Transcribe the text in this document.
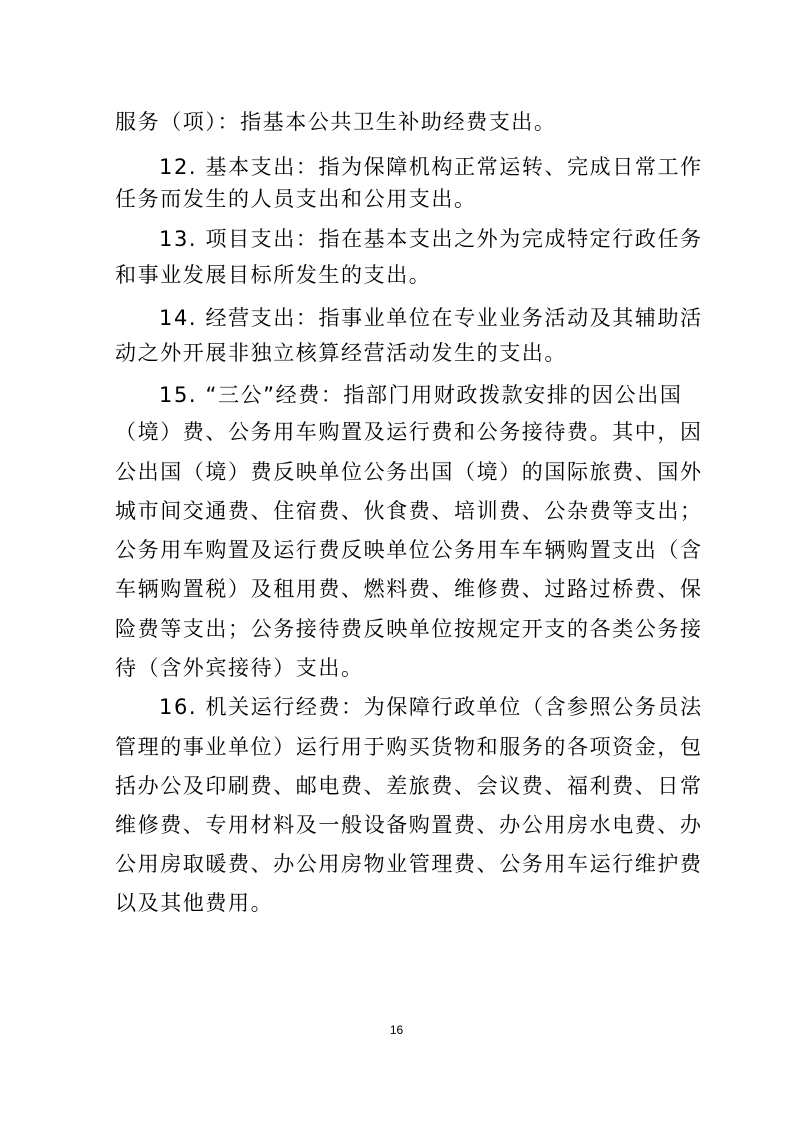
服务（项）：指基本公共卫生补助经费支出。
12. 基本支出：指为保障机构正常运转、完成日常工作
任务而发生的人员支出和公用支出。
13. 项目支出：指在基本支出之外为完成特定行政任务
和事业发展目标所发生的支出。
14. 经营支出：指事业单位在专业业务活动及其辅助活
动之外开展非独立核算经营活动发生的支出。
15. “三公”经费：指部门用财政拨款安排的因公出国
（境）费、公务用车购置及运行费和公务接待费。其中，因
公出国（境）费反映单位公务出国（境）的国际旅费、国外
城市间交通费、住宿费、伙食费、培训费、公杂费等支出；
公务用车购置及运行费反映单位公务用车车辆购置支出（含
车辆购置税）及租用费、燃料费、维修费、过路过桥费、保
险费等支出；公务接待费反映单位按规定开支的各类公务接
待（含外宾接待）支出。
16. 机关运行经费：为保障行政单位（含参照公务员法
管理的事业单位）运行用于购买货物和服务的各项资金，包
括办公及印刷费、邮电费、差旅费、会议费、福利费、日常
维修费、专用材料及一般设备购置费、办公用房水电费、办
公用房取暖费、办公用房物业管理费、公务用车运行维护费
以及其他费用。
16
